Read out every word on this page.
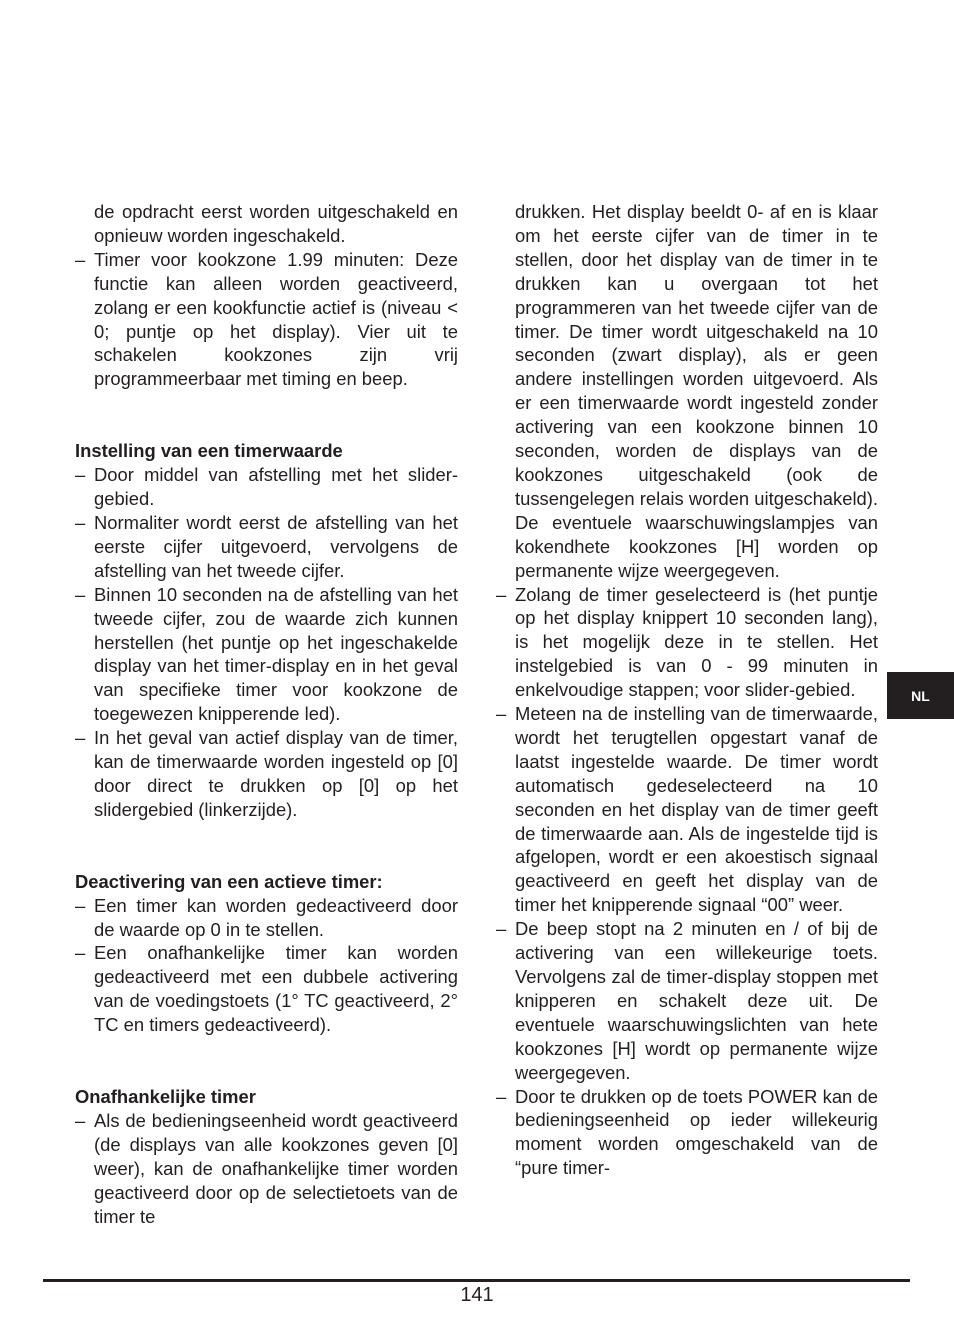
de opdracht eerst worden uitgeschakeld en opnieuw worden ingeschakeld.

– Timer voor kookzone 1.99 minuten: Deze functie kan alleen worden geactiveerd, zolang er een kookfunctie actief is (niveau < 0; puntje op het display). Vier uit te schakelen kookzones zijn vrij programmeerbaar met timing en beep.

Instelling van een timerwaarde

– Door middel van afstelling met het slider-gebied.
– Normaliter wordt eerst de afstelling van het eerste cijfer uitgevoerd, vervolgens de afstelling van het tweede cijfer.
– Binnen 10 seconden na de afstelling van het tweede cijfer, zou de waarde zich kunnen herstellen (het puntje op het ingeschakelde display van het timer-display en in het geval van specifieke timer voor kookzone de toegewezen knipperende led).
– In het geval van actief display van de timer, kan de timerwaarde worden ingesteld op [0] door direct te drukken op [0] op het slidergebied (linkerzijde).

Deactivering van een actieve timer:

– Een timer kan worden gedeactiveerd door de waarde op 0 in te stellen.
– Een onafhankelijke timer kan worden gedeactiveerd met een dubbele activering van de voedingstoets (1° TC geactiveerd, 2° TC en timers gedeactiveerd).

Onafhankelijke timer

– Als de bedieningseenheid wordt geactiveerd (de displays van alle kookzones geven [0] weer), kan de onafhankelijke timer worden geactiveerd door op de selectietoets van de timer te

drukken. Het display beeldt 0- af en is klaar om het eerste cijfer van de timer in te stellen, door het display van de timer in te drukken kan u overgaan tot het programmeren van het tweede cijfer van de timer. De timer wordt uitgeschakeld na 10 seconden (zwart display), als er geen andere instellingen worden uitgevoerd. Als er een timerwaarde wordt ingesteld zonder activering van een kookzone binnen 10 seconden, worden de displays van de kookzones uitgeschakeld (ook de tussengelegen relais worden uitgeschakeld). De eventuele waarschuwingslampjes van kokendhete kookzones [H] worden op permanente wijze weergegeven.

– Zolang de timer geselecteerd is (het puntje op het display knippert 10 seconden lang), is het mogelijk deze in te stellen. Het instelgebied is van 0 - 99 minuten in enkelvoudige stappen; voor slider-gebied.
– Meteen na de instelling van de timerwaarde, wordt het terugtellen opgestart vanaf de laatst ingestelde waarde. De timer wordt automatisch gedeselecteerd na 10 seconden en het display van de timer geeft de timerwaarde aan. Als de ingestelde tijd is afgelopen, wordt er een akoestisch signaal geactiveerd en geeft het display van de timer het knipperende signaal “00” weer.
– De beep stopt na 2 minuten en / of bij de activering van een willekeurige toets. Vervolgens zal de timer-display stoppen met knipperen en schakelt deze uit. De eventuele waarschuwingslichten van hete kookzones [H] wordt op permanente wijze weergegeven.
– Door te drukken op de toets POWER kan de bedieningseenheid op ieder willekeurig moment worden omgeschakeld van de “pure timer-
NL
141
